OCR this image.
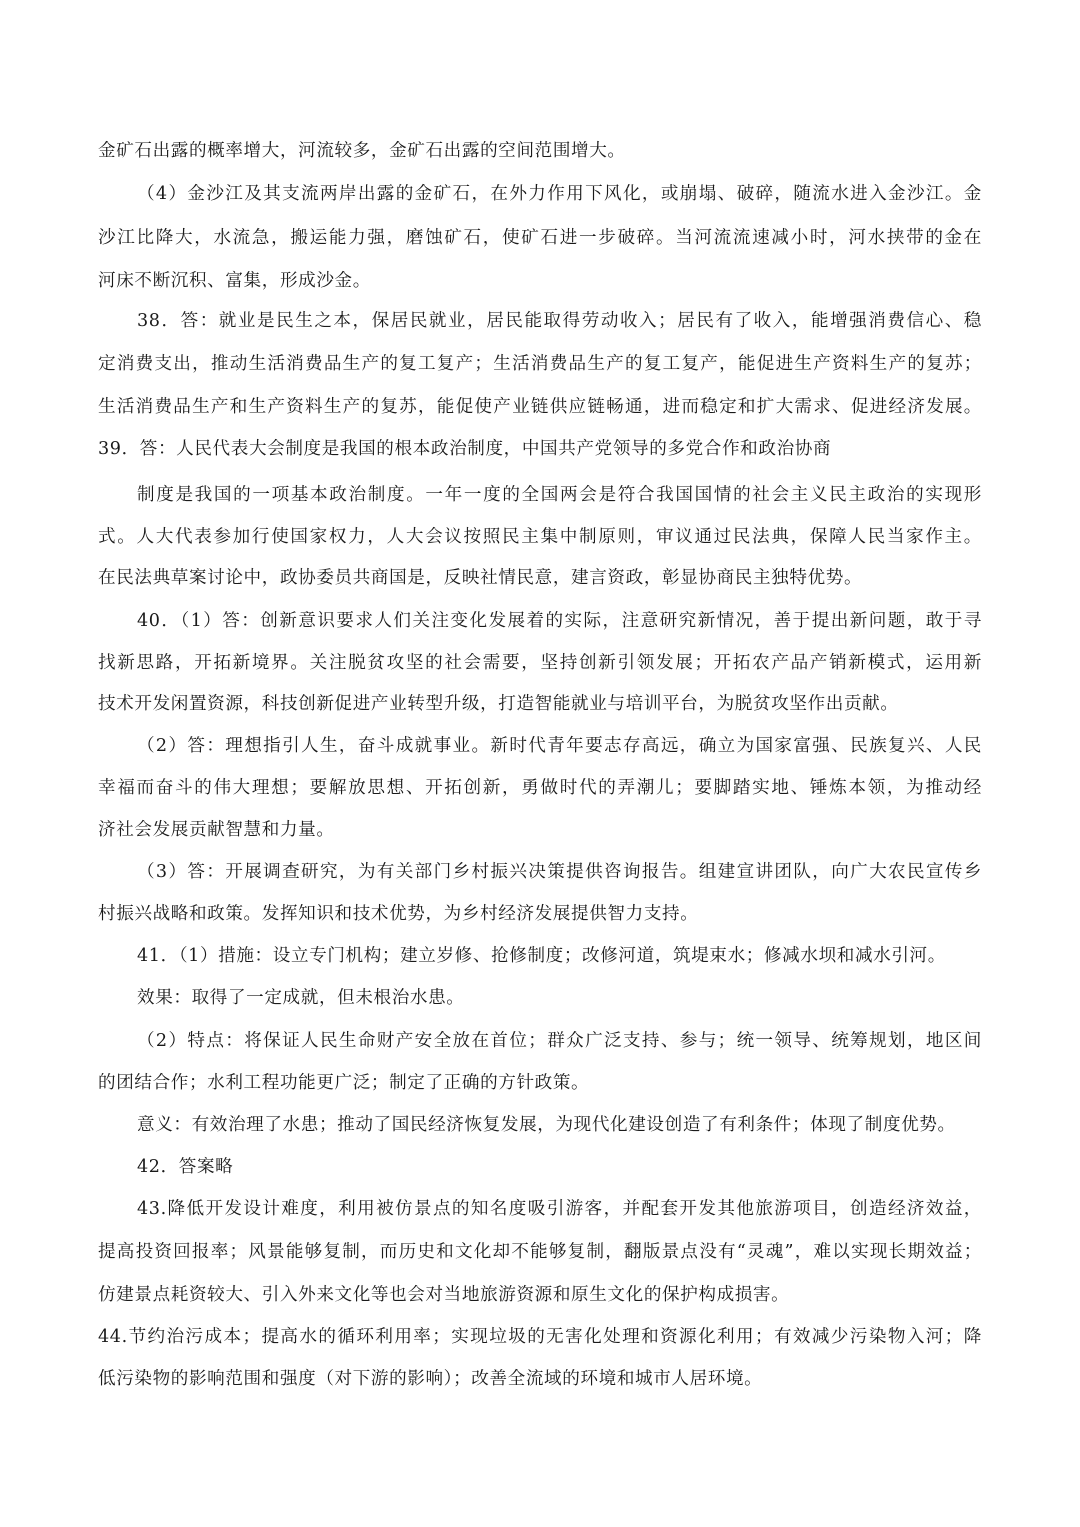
金矿石出露的概率增大，河流较多，金矿石出露的空间范围增大。
（4）金沙江及其支流两岸出露的金矿石，在外力作用下风化，或崩塌、破碎，随流水进入金沙江。金
沙江比降大，水流急，搬运能力强，磨蚀矿石，使矿石进一步破碎。当河流流速减小时，河水挟带的金在
河床不断沉积、富集，形成沙金。
38．答：就业是民生之本，保居民就业，居民能取得劳动收入；居民有了收入，能增强消费信心、稳
定消费支出，推动生活消费品生产的复工复产；生活消费品生产的复工复产，能促进生产资料生产的复苏；
生活消费品生产和生产资料生产的复苏，能促使产业链供应链畅通，进而稳定和扩大需求、促进经济发展。
39．答：人民代表大会制度是我国的根本政治制度，中国共产党领导的多党合作和政治协商
制度是我国的一项基本政治制度。一年一度的全国两会是符合我国国情的社会主义民主政治的实现形
式。人大代表参加行使国家权力，人大会议按照民主集中制原则，审议通过民法典，保障人民当家作主。
在民法典草案讨论中，政协委员共商国是，反映社情民意，建言资政，彰显协商民主独特优势。
40．（1）答：创新意识要求人们关注变化发展着的实际，注意研究新情况，善于提出新问题，敢于寻
找新思路，开拓新境界。关注脱贫攻坚的社会需要，坚持创新引领发展；开拓农产品产销新模式，运用新
技术开发闲置资源，科技创新促进产业转型升级，打造智能就业与培训平台，为脱贫攻坚作出贡献。
（2）答：理想指引人生，奋斗成就事业。新时代青年要志存高远，确立为国家富强、民族复兴、人民
幸福而奋斗的伟大理想；要解放思想、开拓创新，勇做时代的弄潮儿；要脚踏实地、锤炼本领，为推动经
济社会发展贡献智慧和力量。
（3）答：开展调查研究，为有关部门乡村振兴决策提供咨询报告。组建宣讲团队，向广大农民宣传乡
村振兴战略和政策。发挥知识和技术优势，为乡村经济发展提供智力支持。
41．（1）措施：设立专门机构；建立岁修、抢修制度；改修河道，筑堤束水；修减水坝和减水引河。
效果：取得了一定成就，但未根治水患。
（2）特点：将保证人民生命财产安全放在首位；群众广泛支持、参与；统一领导、统筹规划，地区间
的团结合作；水利工程功能更广泛；制定了正确的方针政策。
意义：有效治理了水患；推动了国民经济恢复发展，为现代化建设创造了有利条件；体现了制度优势。
42．答案略
43.降低开发设计难度，利用被仿景点的知名度吸引游客，并配套开发其他旅游项目，创造经济效益，
提高投资回报率；风景能够复制，而历史和文化却不能够复制，翻版景点没有“灵魂”，难以实现长期效益；
仿建景点耗资较大、引入外来文化等也会对当地旅游资源和原生文化的保护构成损害。
44.节约治污成本；提高水的循环利用率；实现垃圾的无害化处理和资源化利用；有效减少污染物入河；降
低污染物的影响范围和强度（对下游的影响）；改善全流域的环境和城市人居环境。
